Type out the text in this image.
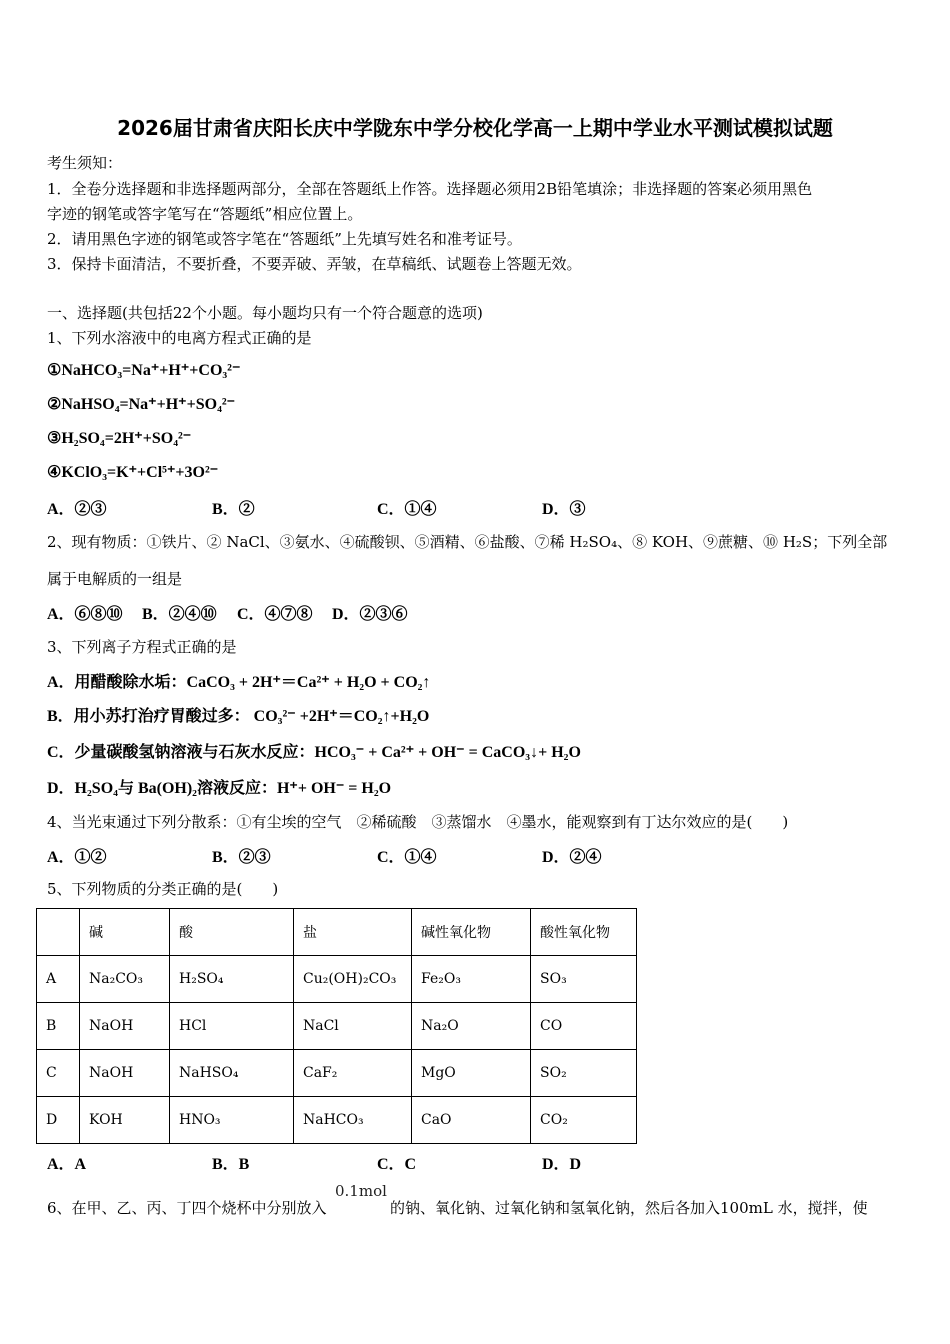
2026届甘肃省庆阳长庆中学陇东中学分校化学高一上期中学业水平测试模拟试题
考生须知：
1．全卷分选择题和非选择题两部分，全部在答题纸上作答。选择题必须用2B铅笔填涂；非选择题的答案必须用黑色
字迹的钢笔或答字笔写在“答题纸”相应位置上。
2．请用黑色字迹的钢笔或答字笔在“答题纸”上先填写姓名和准考证号。
3．保持卡面清洁，不要折叠，不要弄破、弄皱，在草稿纸、试题卷上答题无效。
一、选择题(共包括22个小题。每小题均只有一个符合题意的选项)
1、下列水溶液中的电离方程式正确的是
①NaHCO₃=Na⁺+H⁺+CO₃²⁻
②NaHSO₄=Na⁺+H⁺+SO₄²⁻
③H₂SO₄=2H⁺+SO₄²⁻
④KClO₃=K⁺+Cl⁵⁺+3O²⁻
A．②③	B．②	C．①④	D．③
2、现有物质：①铁片、② NaCl、③氨水、④硫酸钡、⑤酒精、⑥盐酸、⑦稀 H₂SO₄、⑧ KOH、⑨蔗糖、⑩ H₂S；下列全部
属于电解质的一组是
A．⑥⑧⑩ B．②④⑩ C．④⑦⑧ D．②③⑥
3、下列离子方程式正确的是
A．用醋酸除水垢：CaCO₃ + 2H⁺＝Ca²⁺ + H₂O + CO₂↑
B．用小苏打治疗胃酸过多： CO₃²⁻ +2H⁺＝CO₂↑+H₂O
C．少量碳酸氢钠溶液与石灰水反应：HCO₃⁻ + Ca²⁺ + OH⁻ = CaCO₃↓+ H₂O
D．H₂SO₄与 Ba(OH)₂溶液反应：H⁺+ OH⁻ = H₂O
4、当光束通过下列分散系：①有尘埃的空气　②稀硫酸　③蒸馏水　④墨水，能观察到有丁达尔效应的是(　　)
A．①②	B．②③	C．①④	D．②④
5、下列物质的分类正确的是(　　)
	碱	酸	盐	碱性氧化物	酸性氧化物
A	Na₂CO₃	H₂SO₄	Cu₂(OH)₂CO₃	Fe₂O₃	SO₃
B	NaOH	HCl	NaCl	Na₂O	CO
C	NaOH	NaHSO₄	CaF₂	MgO	SO₂
D	KOH	HNO₃	NaHCO₃	CaO	CO₂
A．A	B．B	C．C	D．D
6、在甲、乙、丙、丁四个烧杯中分别放入
0.1mol
的钠、氧化钠、过氧化钠和氢氧化钠，然后各加入100mL 水，搅拌，使
